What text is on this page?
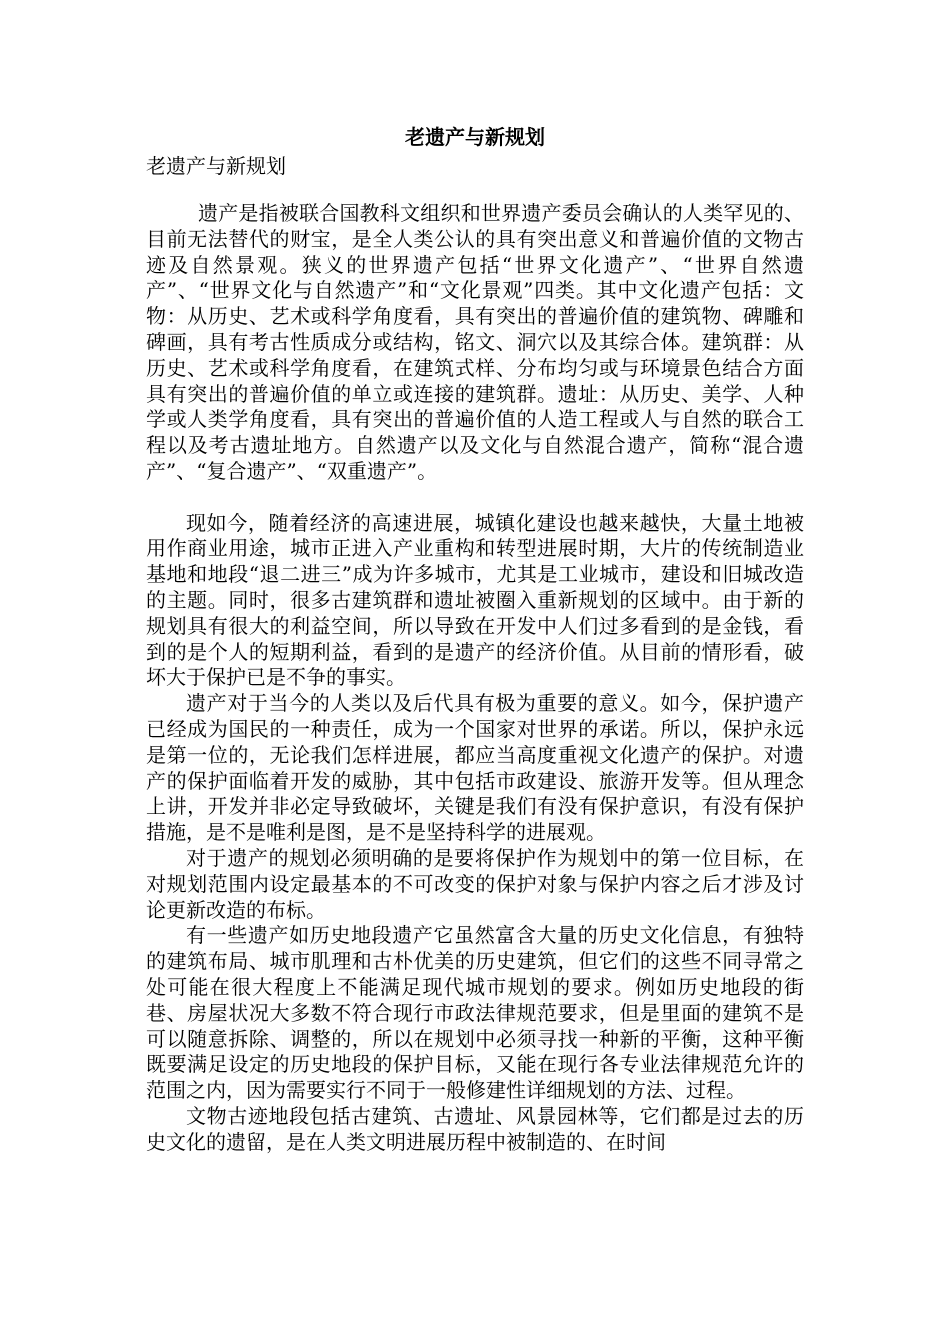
老遗产与新规划
老遗产与新规划

遗产是指被联合国教科文组织和世界遗产委员会确认的人类罕见的、目前无法替代的财宝，是全人类公认的具有突出意义和普遍价值的文物古迹及自然景观。狭义的世界遗产包括“世界文化遗产”、“世界自然遗产”、“世界文化与自然遗产”和“文化景观”四类。其中文化遗产包括：文物：从历史、艺术或科学角度看，具有突出的普遍价值的建筑物、碑雕和碑画，具有考古性质成分或结构，铭文、洞穴以及其综合体。建筑群：从历史、艺术或科学角度看，在建筑式样、分布均匀或与环境景色结合方面具有突出的普遍价值的单立或连接的建筑群。遗址：从历史、美学、人种学或人类学角度看，具有突出的普遍价值的人造工程或人与自然的联合工程以及考古遗址地方。自然遗产以及文化与自然混合遗产，简称“混合遗产”、“复合遗产”、“双重遗产”。

现如今，随着经济的高速进展，城镇化建设也越来越快，大量土地被用作商业用途，城市正进入产业重构和转型进展时期，大片的传统制造业基地和地段“退二进三”成为许多城市，尤其是工业城市，建设和旧城改造的主题。同时，很多古建筑群和遗址被圈入重新规划的区域中。由于新的规划具有很大的利益空间，所以导致在开发中人们过多看到的是金钱，看到的是个人的短期利益，看到的是遗产的经济价值。从目前的情形看，破坏大于保护已是不争的事实。

遗产对于当今的人类以及后代具有极为重要的意义。如今，保护遗产已经成为国民的一种责任，成为一个国家对世界的承诺。所以，保护永远是第一位的，无论我们怎样进展，都应当高度重视文化遗产的保护。对遗产的保护面临着开发的威胁，其中包括市政建设、旅游开发等。但从理念上讲，开发并非必定导致破坏，关键是我们有没有保护意识，有没有保护措施，是不是唯利是图，是不是坚持科学的进展观。

对于遗产的规划必须明确的是要将保护作为规划中的第一位目标，在对规划范围内设定最基本的不可改变的保护对象与保护内容之后才涉及讨论更新改造的布标。

有一些遗产如历史地段遗产它虽然富含大量的历史文化信息，有独特的建筑布局、城市肌理和古朴优美的历史建筑，但它们的这些不同寻常之处可能在很大程度上不能满足现代城市规划的要求。例如历史地段的街巷、房屋状况大多数不符合现行市政法律规范要求，但是里面的建筑不是可以随意拆除、调整的，所以在规划中必须寻找一种新的平衡，这种平衡既要满足设定的历史地段的保护目标，又能在现行各专业法律规范允许的范围之内，因为需要实行不同于一般修建性详细规划的方法、过程。

文物古迹地段包括古建筑、古遗址、风景园林等，它们都是过去的历史文化的遗留，是在人类文明进展历程中被制造的、在时间
